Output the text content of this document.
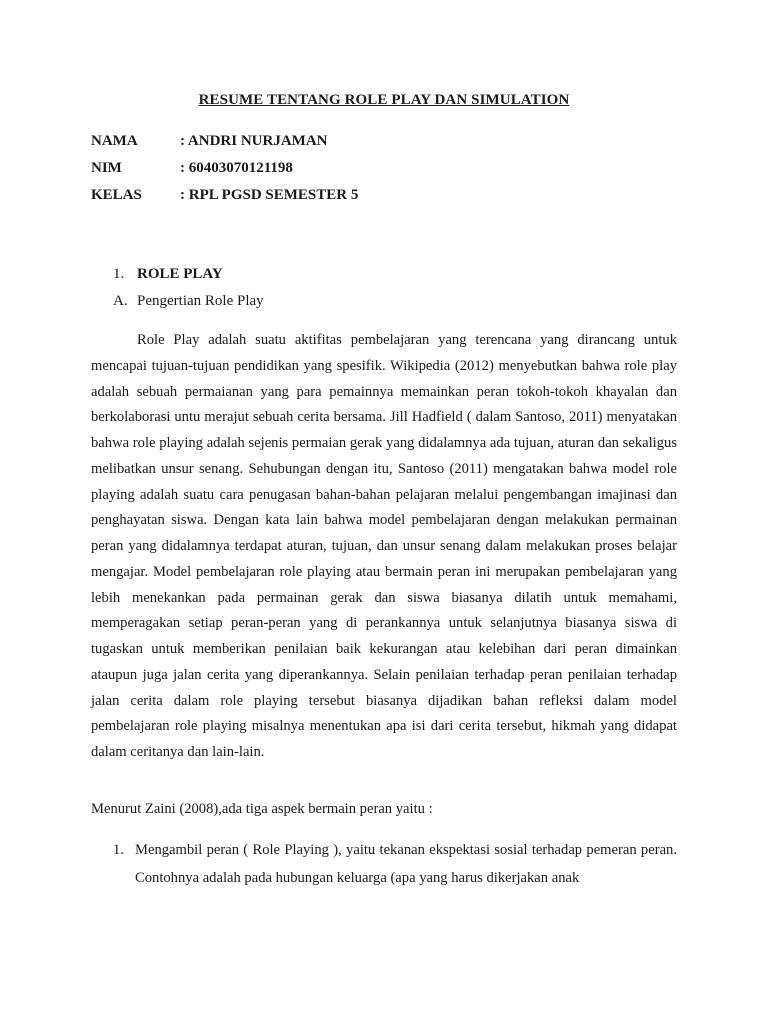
RESUME TENTANG ROLE PLAY DAN SIMULATION
NAMA	: ANDRI NURJAMAN
NIM	: 60403070121198
KELAS	: RPL PGSD SEMESTER 5
1. ROLE PLAY
A. Pengertian Role Play

Role Play adalah suatu aktifitas pembelajaran yang terencana yang dirancang untuk mencapai tujuan-tujuan pendidikan yang spesifik. Wikipedia (2012) menyebutkan bahwa role play adalah sebuah permaianan yang para pemainnya memainkan peran tokoh-tokoh khayalan dan berkolaborasi untu merajut sebuah cerita bersama. Jill Hadfield ( dalam Santoso, 2011) menyatakan bahwa role playing adalah sejenis permaian gerak yang didalamnya ada tujuan, aturan dan sekaligus melibatkan unsur senang. Sehubungan dengan itu, Santoso (2011) mengatakan bahwa model role playing adalah suatu cara penugasan bahan-bahan pelajaran melalui pengembangan imajinasi dan penghayatan siswa. Dengan kata lain bahwa model pembelajaran dengan melakukan permainan peran yang didalamnya terdapat aturan, tujuan, dan unsur senang dalam melakukan proses belajar mengajar. Model pembelajaran role playing atau bermain peran ini merupakan pembelajaran yang lebih menekankan pada permainan gerak dan siswa biasanya dilatih untuk memahami, memperagakan setiap peran-peran yang di perankannya untuk selanjutnya biasanya siswa di tugaskan untuk memberikan penilaian baik kekurangan atau kelebihan dari peran dimainkan ataupun juga jalan cerita yang diperankannya. Selain penilaian terhadap peran penilaian terhadap jalan cerita dalam role playing tersebut biasanya dijadikan bahan refleksi dalam model pembelajaran role playing misalnya menentukan apa isi dari cerita tersebut, hikmah yang didapat dalam ceritanya dan lain-lain.

Menurut Zaini (2008),ada tiga aspek bermain peran yaitu :

1. Mengambil peran ( Role Playing ), yaitu tekanan ekspektasi sosial terhadap pemeran peran. Contohnya adalah pada hubungan keluarga (apa yang harus dikerjakan anak
